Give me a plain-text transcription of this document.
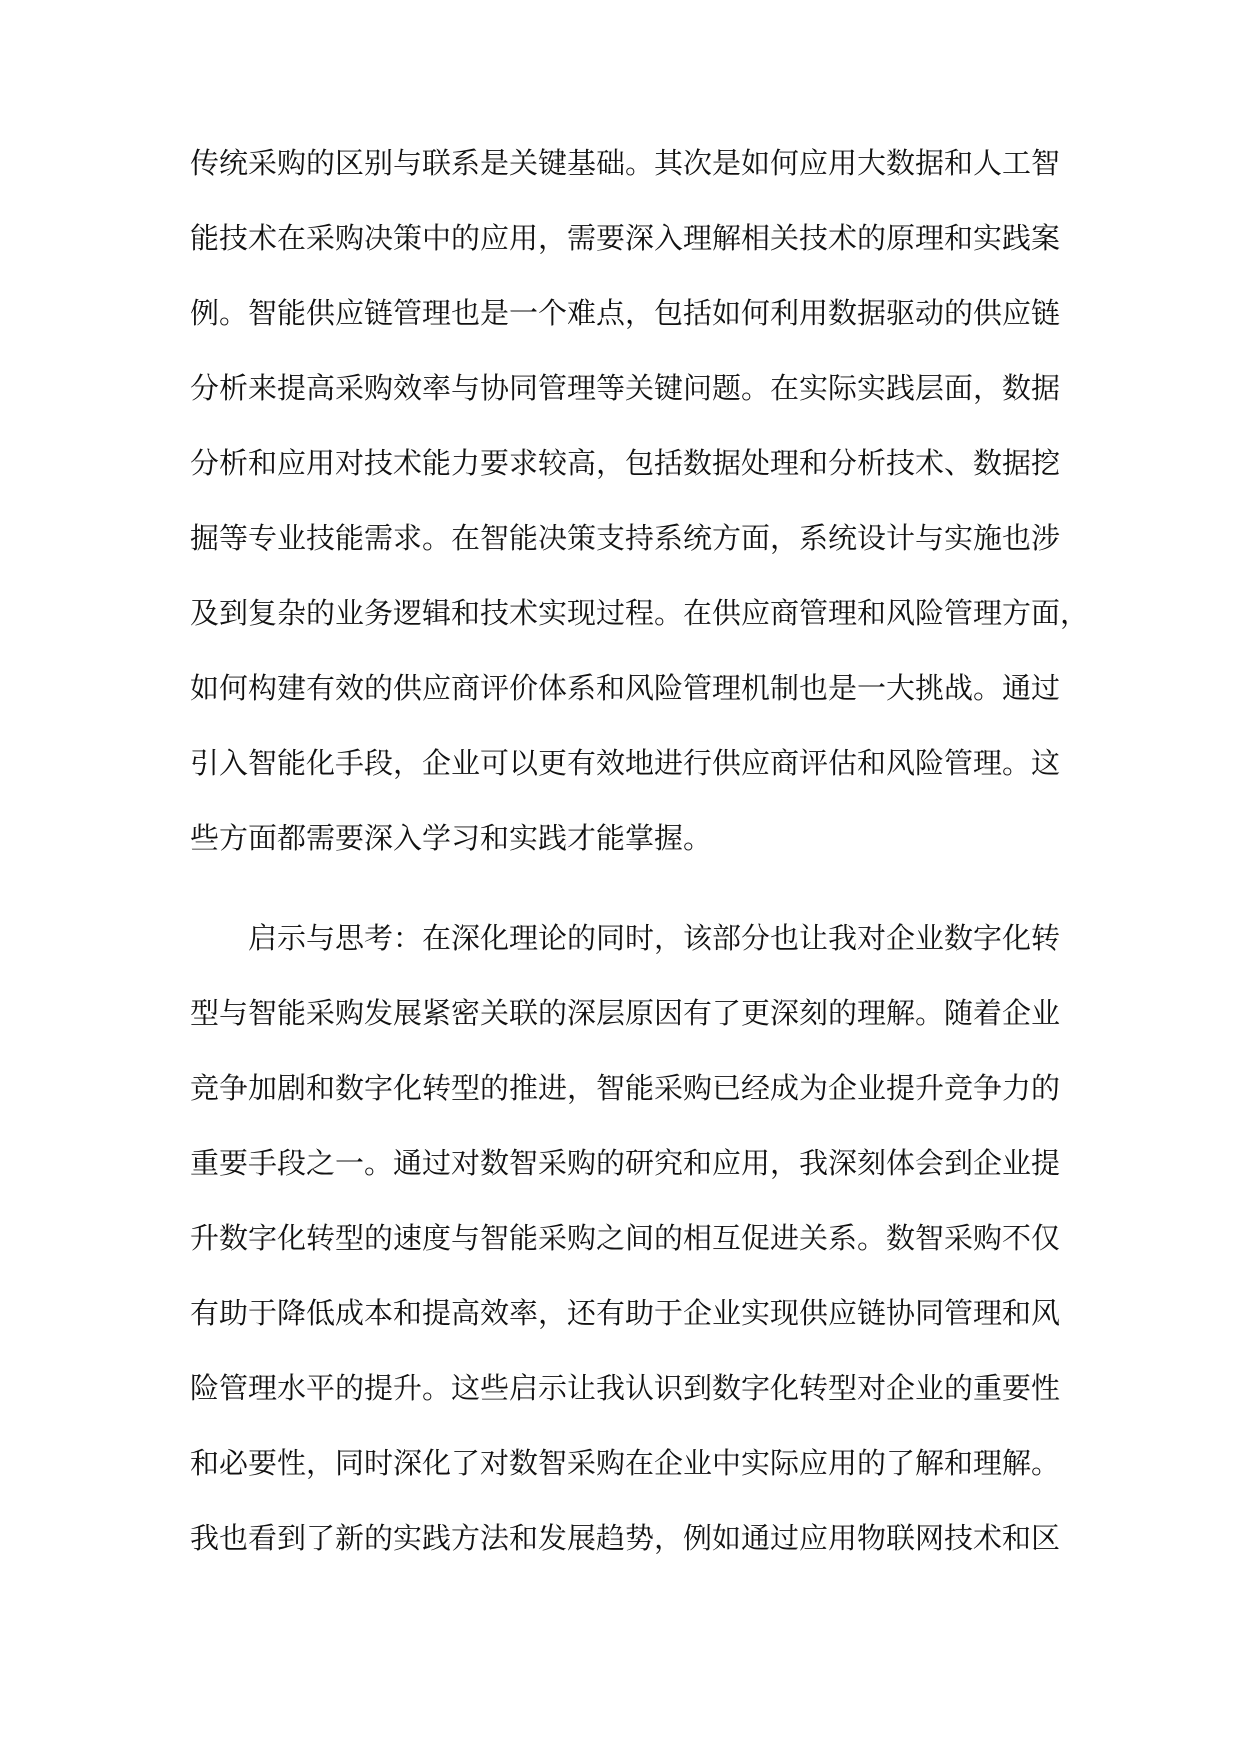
传统采购的区别与联系是关键基础。其次是如何应用大数据和人工智
能技术在采购决策中的应用，需要深入理解相关技术的原理和实践案
例。智能供应链管理也是一个难点，包括如何利用数据驱动的供应链
分析来提高采购效率与协同管理等关键问题。在实际实践层面，数据
分析和应用对技术能力要求较高，包括数据处理和分析技术、数据挖
掘等专业技能需求。在智能决策支持系统方面，系统设计与实施也涉
及到复杂的业务逻辑和技术实现过程。在供应商管理和风险管理方面，
如何构建有效的供应商评价体系和风险管理机制也是一大挑战。通过
引入智能化手段，企业可以更有效地进行供应商评估和风险管理。这
些方面都需要深入学习和实践才能掌握。
启示与思考：在深化理论的同时，该部分也让我对企业数字化转
型与智能采购发展紧密关联的深层原因有了更深刻的理解。随着企业
竞争加剧和数字化转型的推进，智能采购已经成为企业提升竞争力的
重要手段之一。通过对数智采购的研究和应用，我深刻体会到企业提
升数字化转型的速度与智能采购之间的相互促进关系。数智采购不仅
有助于降低成本和提高效率，还有助于企业实现供应链协同管理和风
险管理水平的提升。这些启示让我认识到数字化转型对企业的重要性
和必要性，同时深化了对数智采购在企业中实际应用的了解和理解。
我也看到了新的实践方法和发展趋势，例如通过应用物联网技术和区
